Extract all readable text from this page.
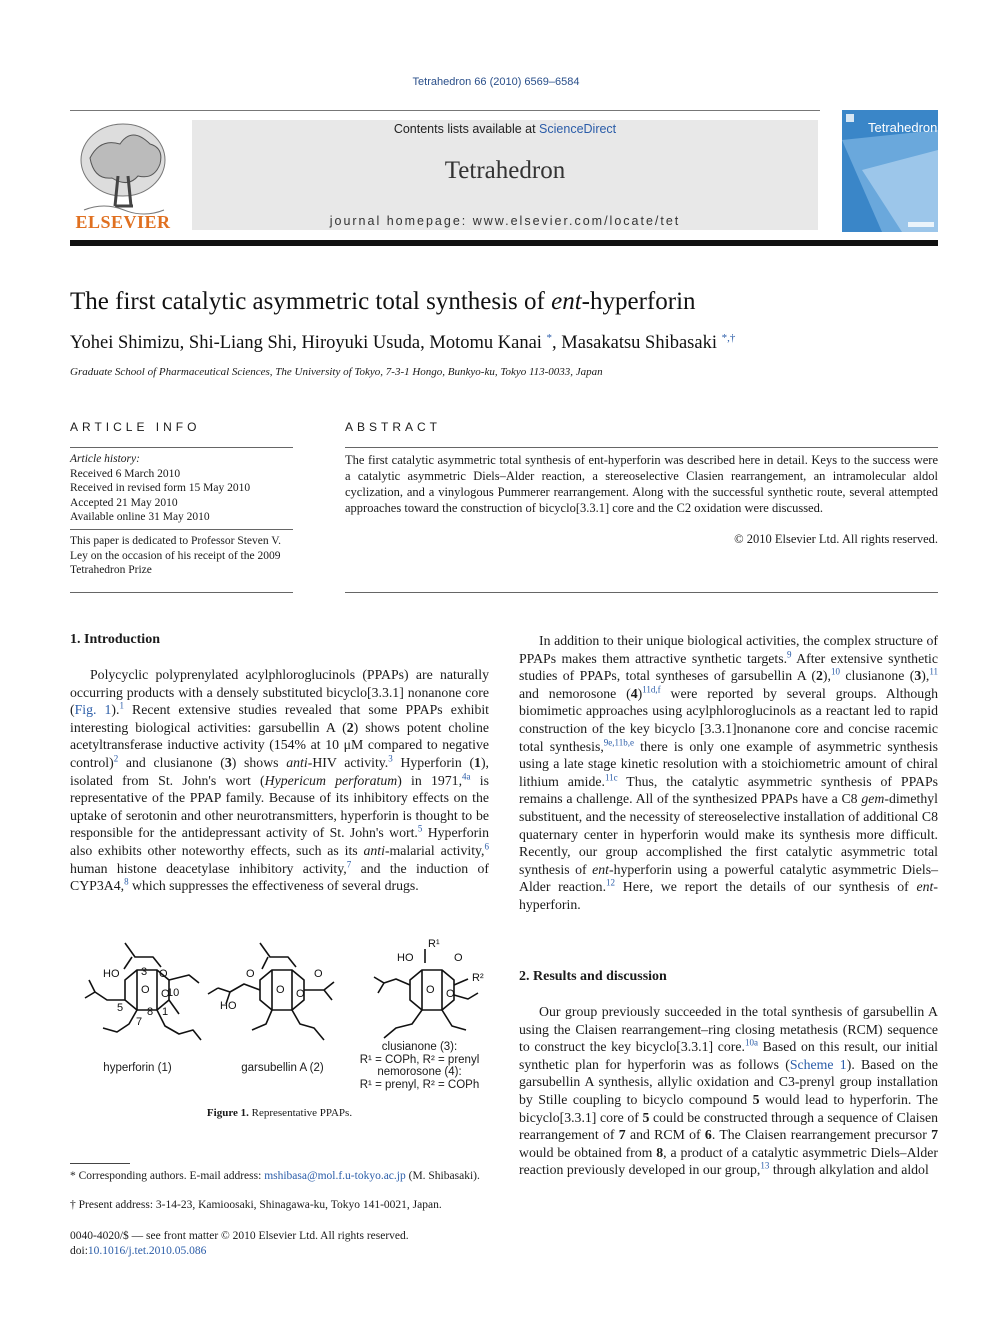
Tetrahedron 66 (2010) 6569–6584
ELSEVIER
Contents lists available at ScienceDirect
Tetrahedron
journal homepage: www.elsevier.com/locate/tet
Tetrahedron
The first catalytic asymmetric total synthesis of ent-hyperforin
Yohei Shimizu, Shi-Liang Shi, Hiroyuki Usuda, Motomu Kanai *, Masakatsu Shibasaki *,†
Graduate School of Pharmaceutical Sciences, The University of Tokyo, 7-3-1 Hongo, Bunkyo-ku, Tokyo 113-0033, Japan
ARTICLE INFO
Article history:
Received 6 March 2010
Received in revised form 15 May 2010
Accepted 21 May 2010
Available online 31 May 2010
This paper is dedicated to Professor Steven V. Ley on the occasion of his receipt of the 2009 Tetrahedron Prize
ABSTRACT
The first catalytic asymmetric total synthesis of ent-hyperforin was described here in detail. Keys to the success were a catalytic asymmetric Diels–Alder reaction, a stereoselective Clasien rearrangement, an intramolecular aldol cyclization, and a vinylogous Pummerer rearrangement. Along with the successful synthetic route, several attempted approaches toward the construction of bicyclo[3.3.1] core and the C2 oxidation were discussed.
© 2010 Elsevier Ltd. All rights reserved.
1. Introduction

Polycyclic polyprenylated acylphloroglucinols (PPAPs) are naturally occurring products with a densely substituted bicyclo[3.3.1] nonanone core (Fig. 1).$^1$ Recent extensive studies revealed that some PPAPs exhibit interesting biological activities: garsubellin A (2) shows potent choline acetyltransferase inductive activity (154% at 10 μM compared to negative control)$^2$ and clusianone (3) shows anti-HIV activity.$^3$ Hyperforin (1), isolated from St. John's wort (Hypericum perforatum) in 1971,$^{4a}$ is representative of the PPAP family. Because of its inhibitory effects on the uptake of serotonin and other neurotransmitters, hyperforin is thought to be responsible for the antidepressant activity of St. John's wort.$^5$ Hyperforin also exhibits other noteworthy effects, such as its anti-malarial activity,$^6$ human histone deacetylase inhibitory activity,$^7$ and the induction of CYP3A4,$^8$ which suppresses the effectiveness of several drugs.

HO 3 O
O O
10
5 8
7
1
O	O
O O
HO
R¹
HO	O
O O
R²
hyperforin (1)	garsubellin A (2)
clusianone (3):
R¹ = COPh, R² = prenyl
nemorosone (4):
R¹ = prenyl, R² = COPh
Figure 1. Representative PPAPs.
* Corresponding authors. E-mail address: mshibasa@mol.f.u-tokyo.ac.jp (M. Shibasaki).
† Present address: 3-14-23, Kamioosaki, Shinagawa-ku, Tokyo 141-0021, Japan.
0040-4020/$ — see front matter © 2010 Elsevier Ltd. All rights reserved.
doi:10.1016/j.tet.2010.05.086

In addition to their unique biological activities, the complex structure of PPAPs makes them attractive synthetic targets.$^9$ After extensive synthetic studies of PPAPs, total syntheses of garsubellin A (2),$^{10}$ clusianone (3),$^{11}$ and nemorosone $(4)^{11d,f}$ were reported by several groups. Although biomimetic approaches using acylphloroglucinols as a reactant led to rapid construction of the key bicyclo [3.3.1]nonanone core and concise racemic total synthesis,$^{9e,11b,e}$ there is only one example of asymmetric synthesis using a late stage kinetic resolution with a stoichiometric amount of chiral lithium amide.$^{11c}$ Thus, the catalytic asymmetric synthesis of PPAPs remains a challenge. All of the synthesized PPAPs have a C8 gem-dimethyl substituent, and the necessity of stereoselective installation of additional C8 quaternary center in hyperforin would make its synthesis more difficult. Recently, our group accomplished the first catalytic asymmetric total synthesis of ent-hyperforin using a powerful catalytic asymmetric Diels–Alder reaction.$^{12}$ Here, we report the details of our synthesis of ent-hyperforin.

2. Results and discussion

Our group previously succeeded in the total synthesis of garsubellin A using the Claisen rearrangement–ring closing metathesis (RCM) sequence to construct the key bicyclo[3.3.1] core.$^{10a}$ Based on this result, our initial synthetic plan for hyperforin was as follows (Scheme 1). Based on the garsubellin A synthesis, allylic oxidation and C3-prenyl group installation by Stille coupling to bicyclo compound 5 would lead to hyperforin. The bicyclo[3.3.1] core of 5 could be constructed through a sequence of Claisen rearrangement of 7 and RCM of 6. The Claisen rearrangement precursor 7 would be obtained from 8, a product of a catalytic asymmetric Diels–Alder reaction previously developed in our group,$^{13}$ through alkylation and aldol
